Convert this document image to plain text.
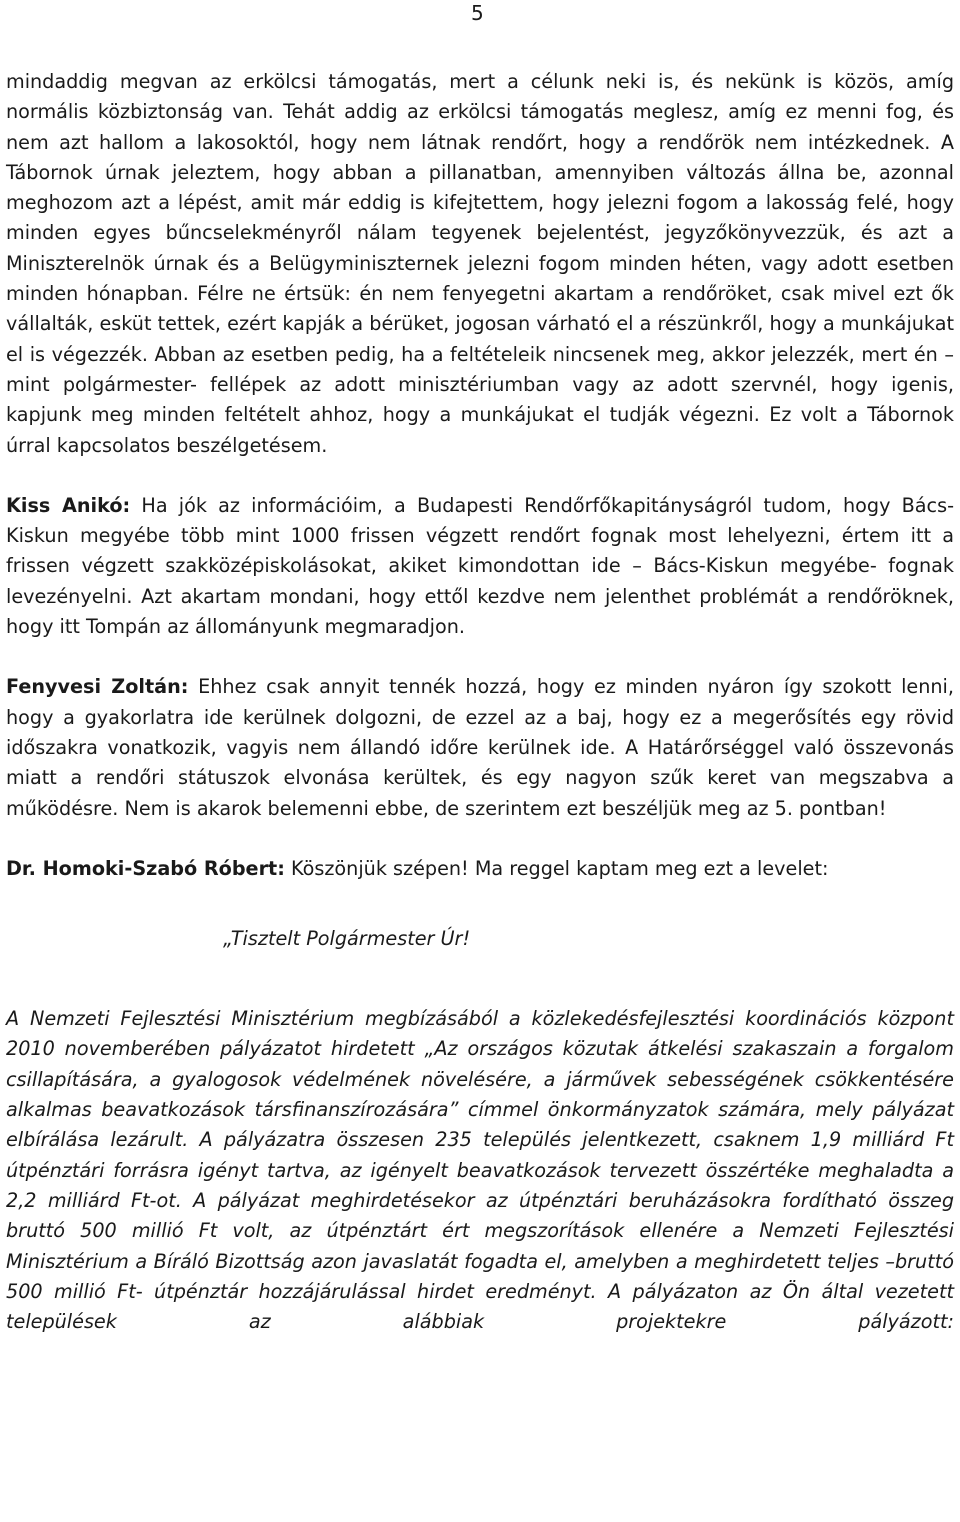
5

mindaddig megvan az erkölcsi támogatás, mert a célunk neki is, és nekünk is közös, amíg normális közbiztonság van. Tehát addig az erkölcsi támogatás meglesz, amíg ez menni fog, és nem azt hallom a lakosoktól, hogy nem látnak rendőrt, hogy a rendőrök nem intézkednek. A Tábornok úrnak jeleztem, hogy abban a pillanatban, amennyiben változás állna be, azonnal meghozom azt a lépést, amit már eddig is kifejtettem, hogy jelezni fogom a lakosság felé, hogy minden egyes bűncselekményről nálam tegyenek bejelentést, jegyzőkönyvezzük, és azt a Miniszterelnök úrnak és a Belügyminiszternek jelezni fogom minden héten, vagy adott esetben minden hónapban. Félre ne értsük: én nem fenyegetni akartam a rendőröket, csak mivel ezt ők vállalták, esküt tettek, ezért kapják a bérüket, jogosan várható el a részünkről, hogy a munkájukat el is végezzék. Abban az esetben pedig, ha a feltételeik nincsenek meg, akkor jelezzék, mert én –mint polgármester- fellépek az adott minisztériumban vagy az adott szervnél, hogy igenis, kapjunk meg minden feltételt ahhoz, hogy a munkájukat el tudják végezni. Ez volt a Tábornok úrral kapcsolatos beszélgetésem.

Kiss Anikó: Ha jók az információim, a Budapesti Rendőrfőkapitányságról tudom, hogy Bács-Kiskun megyébe több mint 1000 frissen végzett rendőrt fognak most lehelyezni, értem itt a frissen végzett szakközépiskolásokat, akiket kimondottan ide – Bács-Kiskun megyébe- fognak levezényelni. Azt akartam mondani, hogy ettől kezdve nem jelenthet problémát a rendőröknek, hogy itt Tompán az állományunk megmaradjon.

Fenyvesi Zoltán: Ehhez csak annyit tennék hozzá, hogy ez minden nyáron így szokott lenni, hogy a gyakorlatra ide kerülnek dolgozni, de ezzel az a baj, hogy ez a megerősítés egy rövid időszakra vonatkozik, vagyis nem állandó időre kerülnek ide. A Határőrséggel való összevonás miatt a rendőri státuszok elvonása kerültek, és egy nagyon szűk keret van megszabva a működésre. Nem is akarok belemenni ebbe, de szerintem ezt beszéljük meg az 5. pontban!

Dr. Homoki-Szabó Róbert: Köszönjük szépen! Ma reggel kaptam meg ezt a levelet:

„Tisztelt Polgármester Úr!

A Nemzeti Fejlesztési Minisztérium megbízásából a közlekedésfejlesztési koordinációs központ 2010 novemberében pályázatot hirdetett „Az országos közutak átkelési szakaszain a forgalom csillapítására, a gyalogosok védelmének növelésére, a járművek sebességének csökkentésére alkalmas beavatkozások társfinanszírozására” címmel önkormányzatok számára, mely pályázat elbírálása lezárult. A pályázatra összesen 235 település jelentkezett, csaknem 1,9 milliárd Ft útpénztári forrásra igényt tartva, az igényelt beavatkozások tervezett összértéke meghaladta a 2,2 milliárd Ft-ot. A pályázat meghirdetésekor az útpénztári beruházásokra fordítható összeg bruttó 500 millió Ft volt, az útpénztárt ért megszorítások ellenére a Nemzeti Fejlesztési Minisztérium a Bíráló Bizottság azon javaslatát fogadta el, amelyben a meghirdetett teljes –bruttó 500 millió Ft- útpénztár hozzájárulással hirdet eredményt. A pályázaton az Ön által vezetett települések az alábbiak projektekre pályázott:
